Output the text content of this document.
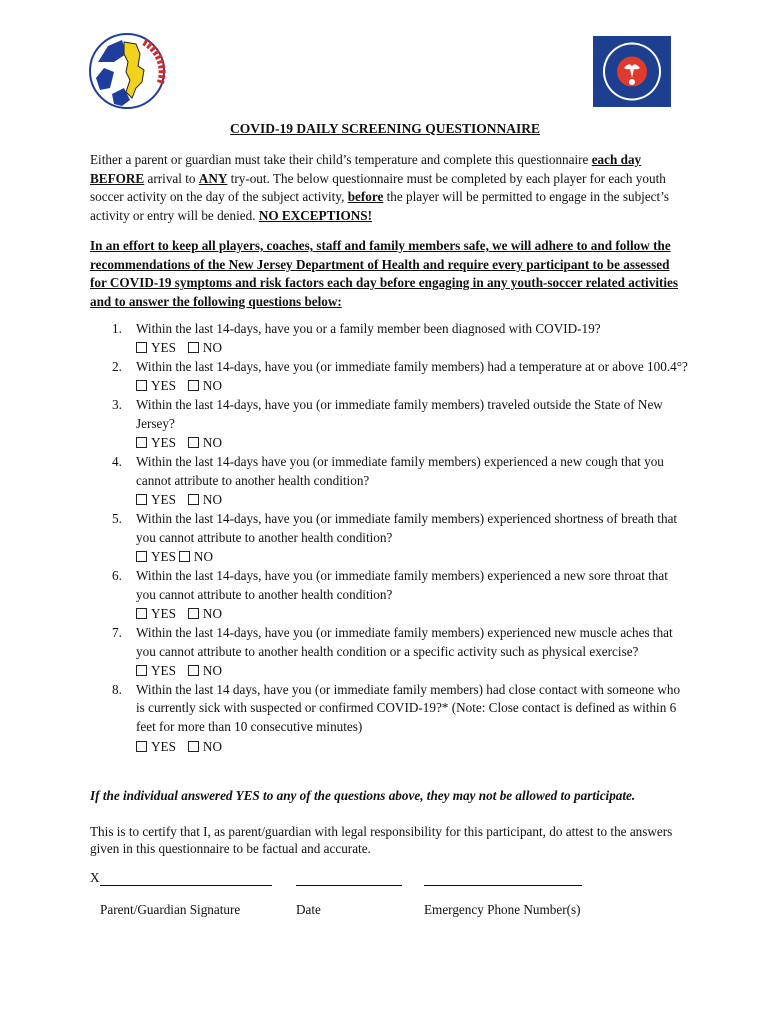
COVID-19 DAILY SCREENING QUESTIONNAIRE
Either a parent or guardian must take their child’s temperature and complete this questionnaire each day BEFORE arrival to ANY try-out. The below questionnaire must be completed by each player for each youth soccer activity on the day of the subject activity, before the player will be permitted to engage in the subject’s activity or entry will be denied. NO EXCEPTIONS!
In an effort to keep all players, coaches, staff and family members safe, we will adhere to and follow the recommendations of the New Jersey Department of Health and require every participant to be assessed for COVID-19 symptoms and risk factors each day before engaging in any youth-soccer related activities and to answer the following questions below:
1. Within the last 14-days, have you or a family member been diagnosed with COVID-19?
YES NO
2. Within the last 14-days, have you (or immediate family members) had a temperature at or above 100.4°?
YES NO
3. Within the last 14-days, have you (or immediate family members) traveled outside the State of New Jersey?
YES NO
4. Within the last 14-days have you (or immediate family members) experienced a new cough that you cannot attribute to another health condition?
YES NO
5. Within the last 14-days, have you (or immediate family members) experienced shortness of breath that you cannot attribute to another health condition?
YES NO
6. Within the last 14-days, have you (or immediate family members) experienced a new sore throat that you cannot attribute to another health condition?
YES NO
7. Within the last 14-days, have you (or immediate family members) experienced new muscle aches that you cannot attribute to another health condition or a specific activity such as physical exercise?
YES NO
8. Within the last 14 days, have you (or immediate family members) had close contact with someone who is currently sick with suspected or confirmed COVID-19?* (Note: Close contact is defined as within 6 feet for more than 10 consecutive minutes)
YES NO
If the individual answered YES to any of the questions above, they may not be allowed to participate.
This is to certify that I, as parent/guardian with legal responsibility for this participant, do attest to the answers given in this questionnaire to be factual and accurate.
X
Parent/Guardian Signature	Date	Emergency Phone Number(s)
